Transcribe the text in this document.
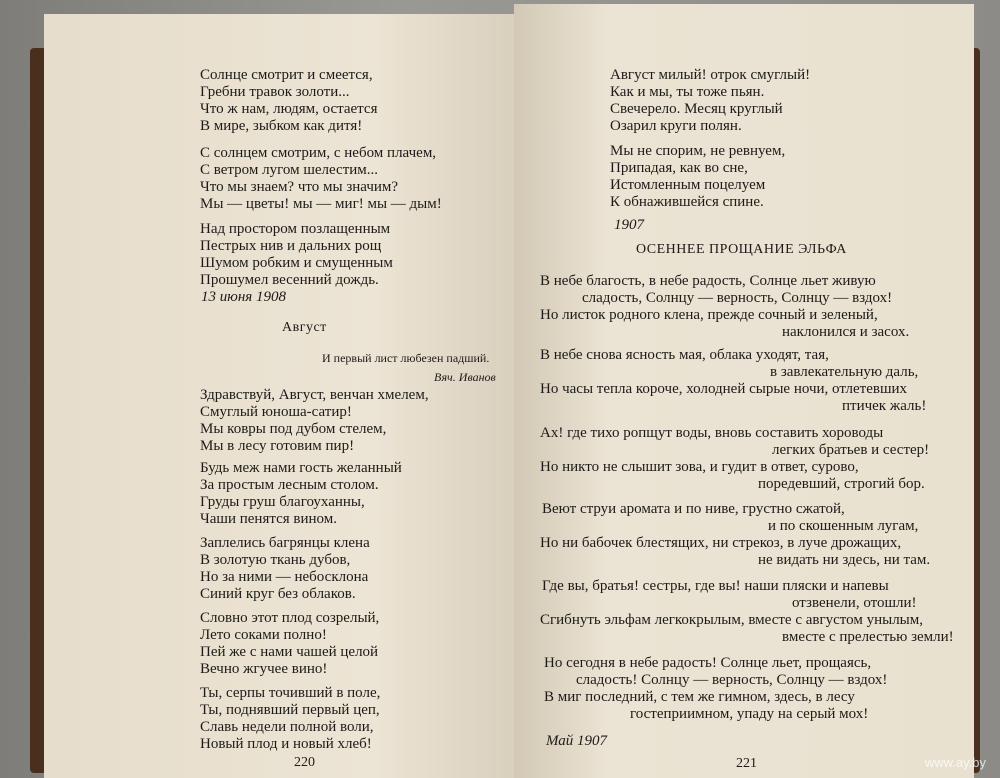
Солнце смотрит и смеется,
Гребни травок золоти...
Что ж нам, людям, остается
В мире, зыбком как дитя!
С солнцем смотрим, с небом плачем,
С ветром лугом шелестим...
Что мы знаем? что мы значим?
Мы — цветы! мы — миг! мы — дым!
Над простором позлащенным
Пестрых нив и дальних рощ
Шумом робким и смущенным
Прошумел весенний дождь.
13 июня 1908
Август
И первый лист любезен падший.
Вяч. Иванов
Здравствуй, Август, венчан хмелем,
Смуглый юноша-сатир!
Мы ковры под дубом стелем,
Мы в лесу готовим пир!
Будь меж нами гость желанный
За простым лесным столом.
Груды груш благоуханны,
Чаши пенятся вином.
Заплелись багрянцы клена
В золотую ткань дубов,
Но за ними — небосклона
Синий круг без облаков.
Словно этот плод созрелый,
Лето соками полно!
Пей же с нами чашей целой
Вечно жгучее вино!
Ты, серпы точивший в поле,
Ты, поднявший первый цеп,
Славь недели полной воли,
Новый плод и новый хлеб!
220
Август милый! отрок смуглый!
Как и мы, ты тоже пьян.
Свечерело. Месяц круглый
Озарил круги полян.
Мы не спорим, не ревнуем,
Припадая, как во сне,
Истомленным поцелуем
К обнажившейся спине.
1907
ОСЕННЕЕ ПРОЩАНИЕ ЭЛЬФА
В небе благость, в небе радость, Солнце льет живую
сладость, Солнцу — верность, Солнцу — вздох!
Но листок родного клена, прежде сочный и зеленый,
наклонился и засох.
В небе снова ясность мая, облака уходят, тая,
в завлекательную даль,
Но часы тепла короче, холодней сырые ночи, отлетевших
птичек жаль!
Ах! где тихо ропщут воды, вновь составить хороводы
легких братьев и сестер!
Но никто не слышит зова, и гудит в ответ, сурово,
поредевший, строгий бор.
Веют струи аромата и по ниве, грустно сжатой,
и по скошенным лугам,
Но ни бабочек блестящих, ни стрекоз, в луче дрожащих,
не видать ни здесь, ни там.
Где вы, братья! сестры, где вы! наши пляски и напевы
отзвенели, отошли!
Сгибнуть эльфам легкокрылым, вместе с августом унылым,
вместе с прелестью земли!
Но сегодня в небе радость! Солнце льет, прощаясь,
сладость! Солнцу — верность, Солнцу — вздох!
В миг последний, с тем же гимном, здесь, в лесу
гостеприимном, упаду на серый мох!
Май 1907
221	www.ay.by
